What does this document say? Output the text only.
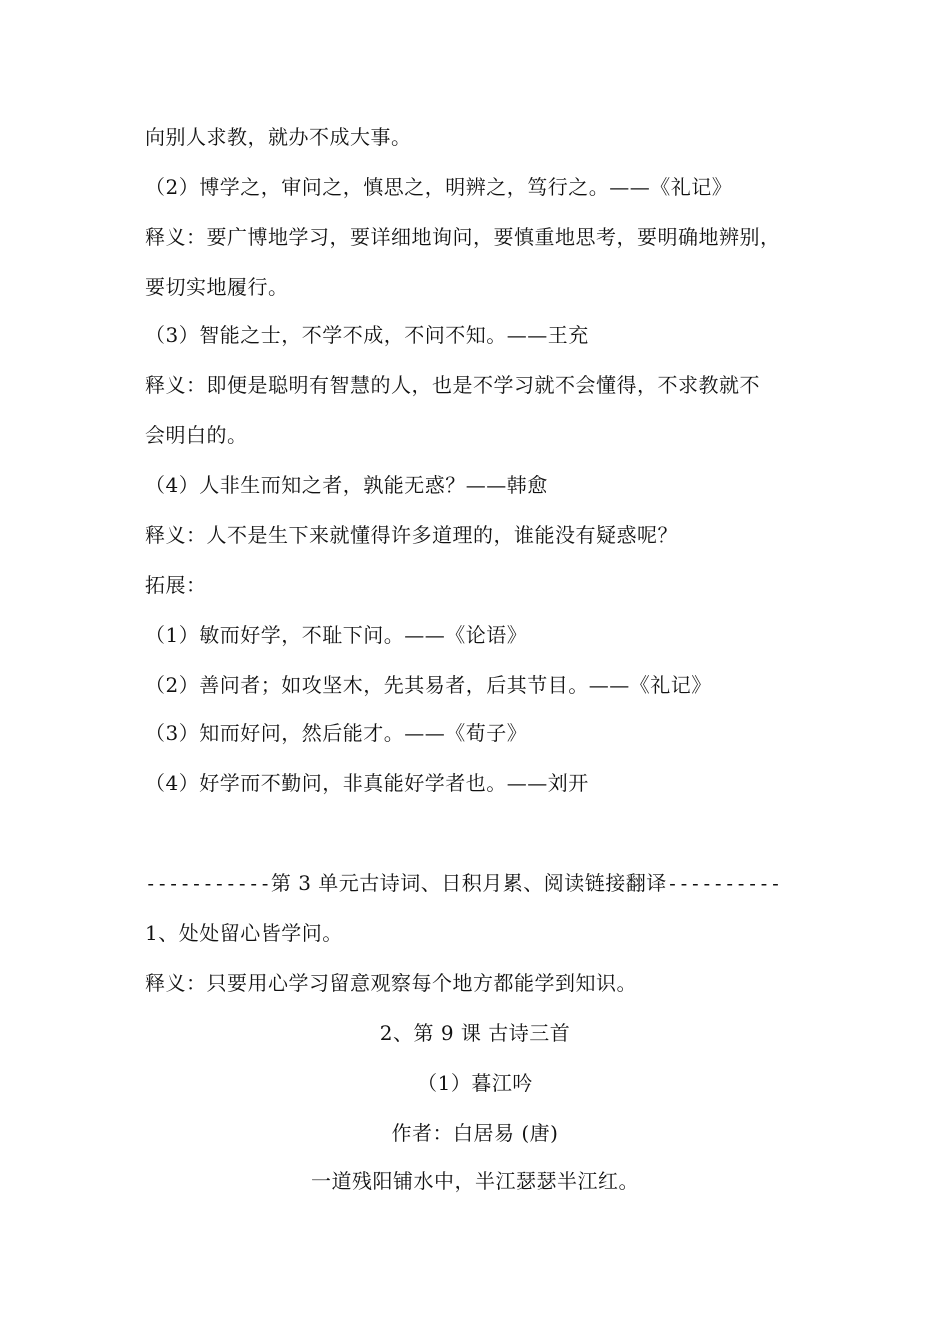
向别人求教，就办不成大事。
（2）博学之，审问之，慎思之，明辨之，笃行之。——《礼记》
释义：要广博地学习，要详细地询问，要慎重地思考，要明确地辨别，
要切实地履行。
（3）智能之士，不学不成，不问不知。——王充
释义：即便是聪明有智慧的人，也是不学习就不会懂得，不求教就不
会明白的。
（4）人非生而知之者，孰能无惑？——韩愈
释义：人不是生下来就懂得许多道理的，谁能没有疑惑呢？
拓展：
（1）敏而好学，不耻下问。——《论语》
（2）善问者；如攻坚木，先其易者，后其节目。——《礼记》
（3）知而好问，然后能才。——《荀子》
（4）好学而不勤问，非真能好学者也。——刘开
-----------第 3 单元古诗词、日积月累、阅读链接翻译----------
1、处处留心皆学问。
释义：只要用心学习留意观察每个地方都能学到知识。
2、第 9 课 古诗三首
（1）暮江吟
作者：白居易 (唐)
一道残阳铺水中，半江瑟瑟半江红。
